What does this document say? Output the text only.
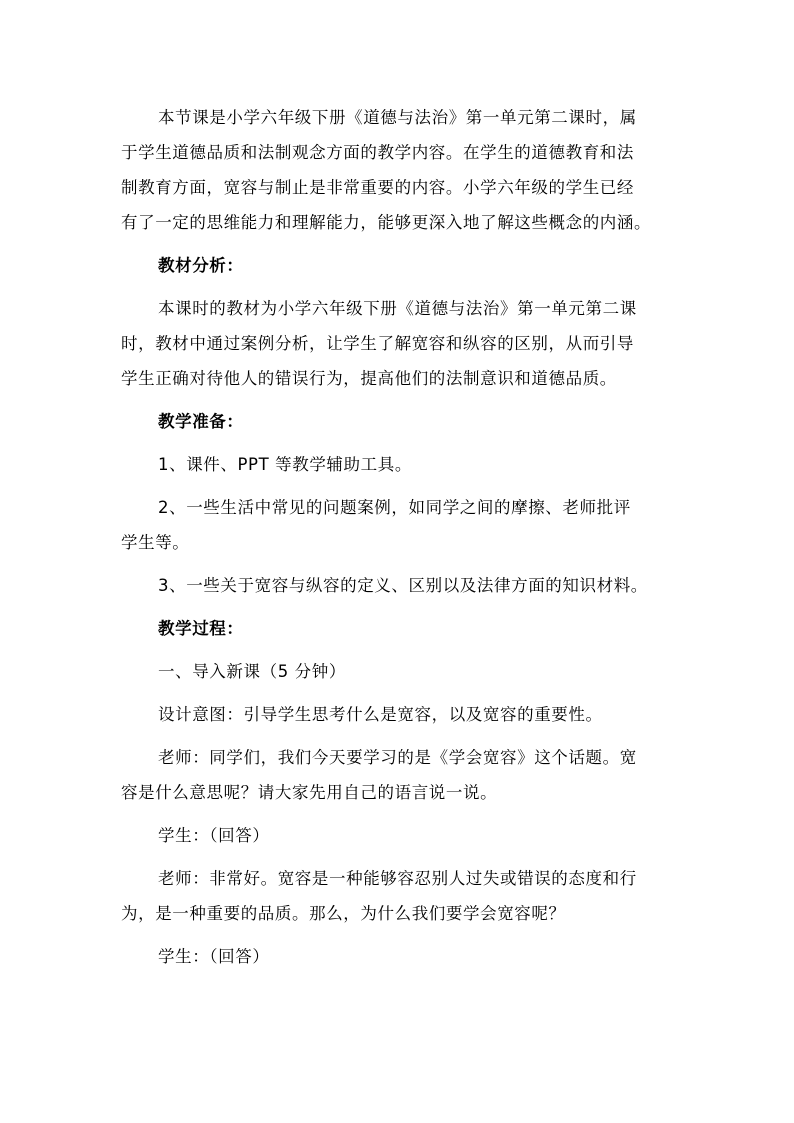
本节课是小学六年级下册《道德与法治》第一单元第二课时，属
于学生道德品质和法制观念方面的教学内容。在学生的道德教育和法
制教育方面，宽容与制止是非常重要的内容。小学六年级的学生已经
有了一定的思维能力和理解能力，能够更深入地了解这些概念的内涵。
教材分析：
本课时的教材为小学六年级下册《道德与法治》第一单元第二课
时，教材中通过案例分析，让学生了解宽容和纵容的区别，从而引导
学生正确对待他人的错误行为，提高他们的法制意识和道德品质。
教学准备：
1、课件、PPT 等教学辅助工具。
2、一些生活中常见的问题案例，如同学之间的摩擦、老师批评
学生等。
3、一些关于宽容与纵容的定义、区别以及法律方面的知识材料。
教学过程：
一、导入新课（5 分钟）
设计意图：引导学生思考什么是宽容，以及宽容的重要性。
老师：同学们，我们今天要学习的是《学会宽容》这个话题。宽
容是什么意思呢？请大家先用自己的语言说一说。
学生：（回答）
老师：非常好。宽容是一种能够容忍别人过失或错误的态度和行
为，是一种重要的品质。那么，为什么我们要学会宽容呢？
学生：（回答）
